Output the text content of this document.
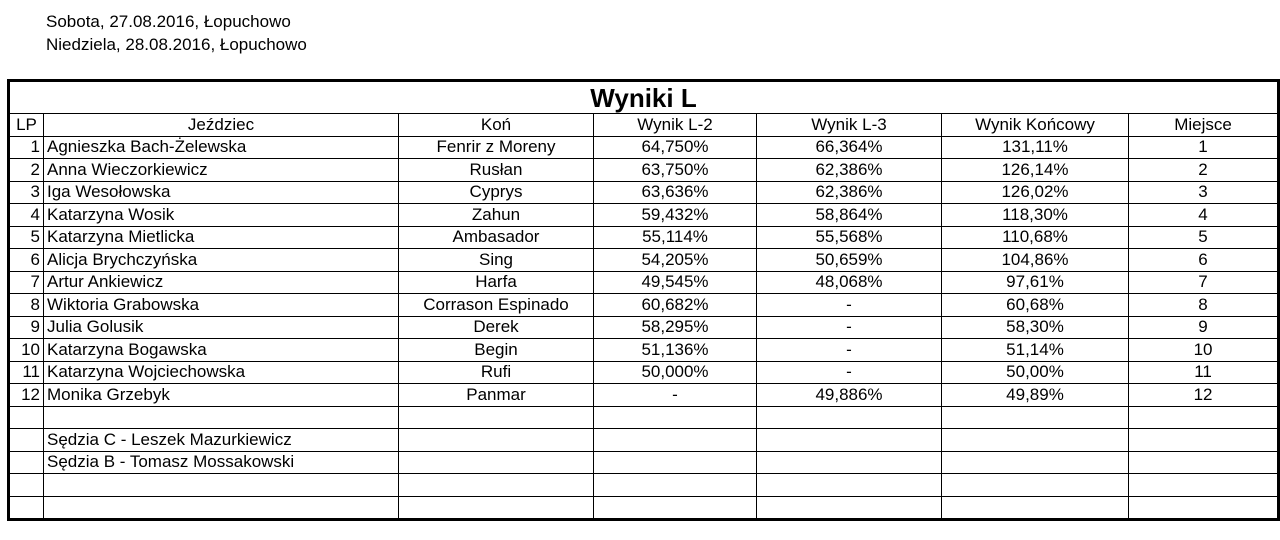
Sobota, 27.08.2016, Łopuchowo
Niedziela, 28.08.2016, Łopuchowo
Wyniki L						
LP	Jeździec	Koń	Wynik L-2	Wynik L-3	Wynik Końcowy	Miejsce
1	Agnieszka Bach-Żelewska	Fenrir z Moreny	64,750%	66,364%	131,11%	1
2	Anna Wieczorkiewicz	Rusłan	63,750%	62,386%	126,14%	2
3	Iga Wesołowska	Cyprys	63,636%	62,386%	126,02%	3
4	Katarzyna Wosik	Zahun	59,432%	58,864%	118,30%	4
5	Katarzyna Mietlicka	Ambasador	55,114%	55,568%	110,68%	5
6	Alicja Brychczyńska	Sing	54,205%	50,659%	104,86%	6
7	Artur Ankiewicz	Harfa	49,545%	48,068%	97,61%	7
8	Wiktoria Grabowska	Corrason Espinado	60,682%	-	60,68%	8
9	Julia Golusik	Derek	58,295%	-	58,30%	9
10	Katarzyna Bogawska	Begin	51,136%	-	51,14%	10
11	Katarzyna Wojciechowska	Rufi	50,000%	-	50,00%	11
12	Monika Grzebyk	Panmar	-	49,886%	49,89%	12

	Sędzia C - Leszek Mazurkiewicz					
	Sędzia B - Tomasz Mossakowski					
